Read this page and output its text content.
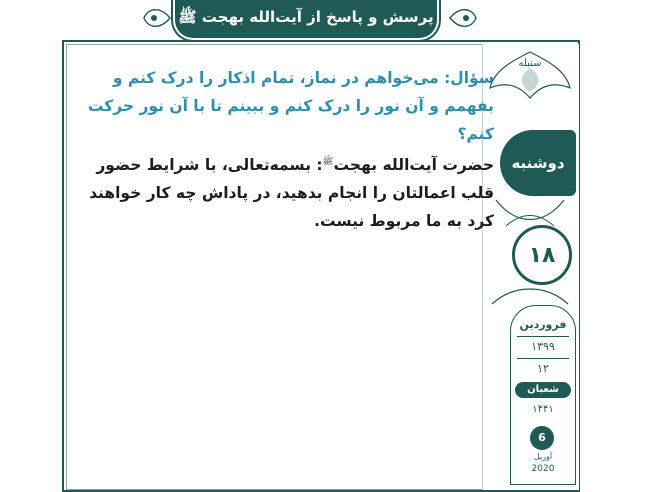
پرسش و پاسخ از آیت‌الله بهجت ﷺ
سنبله
دوشنبه
۱۸
فروردین
۱۳۹۹
۱۲
شعبان
۱۴۴۱
6
آوریل
2020

سؤال: می‌خواهم در نماز، تمام اذکار را درک کنم و بفهمم و آن نور را درک کنم و ببینم تا با آن نور حرکت کنم؟

حضرت آیت‌الله بهجت$^ﷺ$: بسمه‌تعالی، با شرایط حضور قلب اعمالتان را انجام بدهید، در پاداش چه کار خواهند کرد به ما مربوط نیست.
